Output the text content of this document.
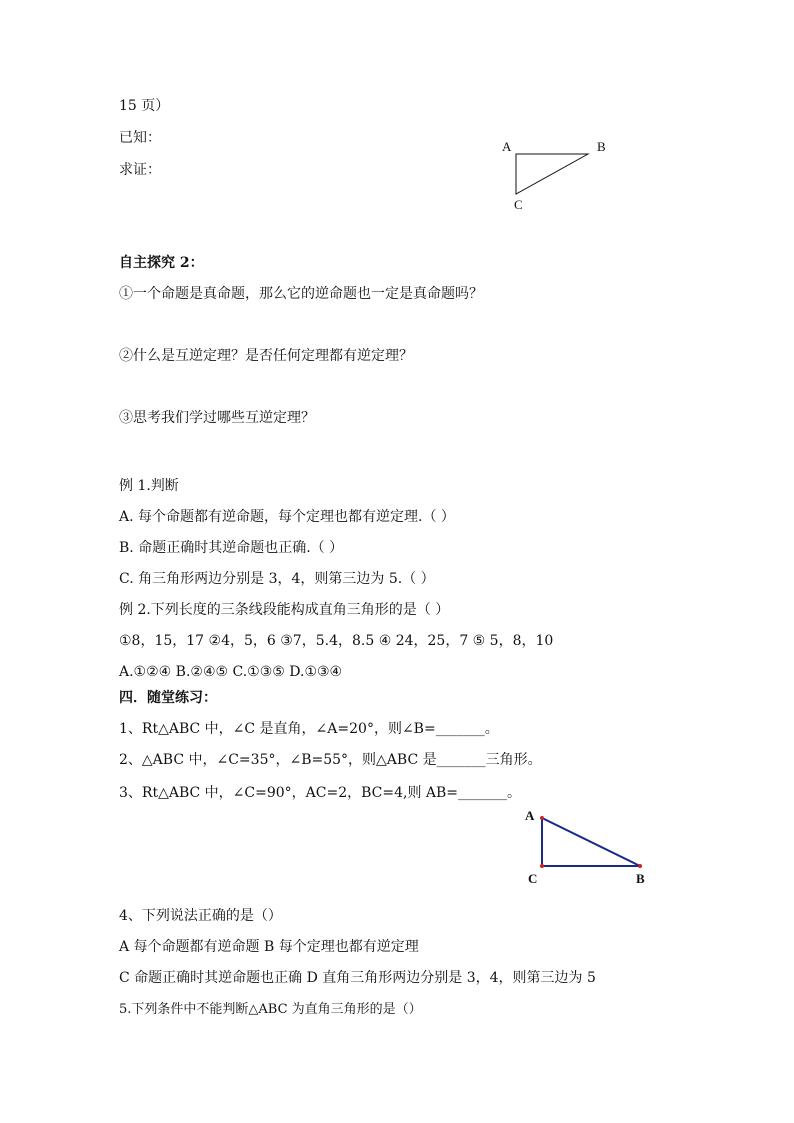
15 页）
已知：
求证：
A	B
C
自主探究 2：
①一个命题是真命题，那么它的逆命题也一定是真命题吗？
②什么是互逆定理？是否任何定理都有逆定理？
③思考我们学过哪些互逆定理？
例 1.判断
A. 每个命题都有逆命题，每个定理也都有逆定理.（ ）
B. 命题正确时其逆命题也正确.（ ）
C. 角三角形两边分别是 3，4，则第三边为 5.（ ）
例 2.下列长度的三条线段能构成直角三角形的是（ ）
①8，15，17 ②4，5，6 ③7，5.4，8.5 ④ 24，25，7 ⑤ 5，8，10
A.①②④ B.②④⑤ C.①③⑤ D.①③④
四．随堂练习：
1、Rt△ABC 中，∠C 是直角，∠A=20°，则∠B=_______。
2、△ABC 中，∠C=35°，∠B=55°，则△ABC 是_______三角形。
3、Rt△ABC 中，∠C=90°，AC=2，BC=4,则 AB=_______。
A
C	B
4、下列说法正确的是（）
A 每个命题都有逆命题 B 每个定理也都有逆定理
C 命题正确时其逆命题也正确 D 直角三角形两边分别是 3，4，则第三边为 5
5.下列条件中不能判断△ABC 为直角三角形的是（）
